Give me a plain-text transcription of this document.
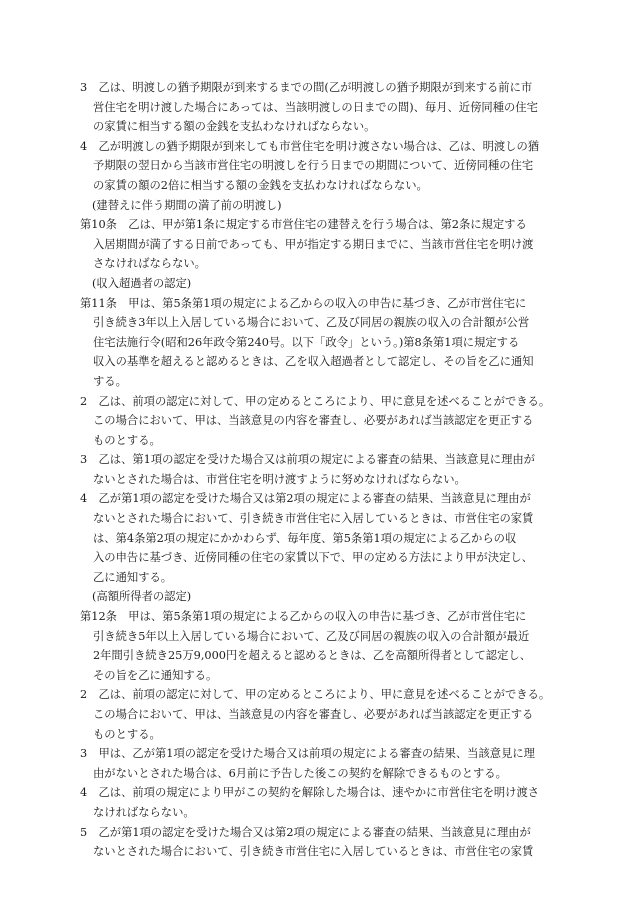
3　乙は、明渡しの猶予期限が到来するまでの間(乙が明渡しの猶予期限が到来する前に市
営住宅を明け渡した場合にあっては、当該明渡しの日までの間)、毎月、近傍同種の住宅
の家賃に相当する額の金銭を支払わなければならない。
4　乙が明渡しの猶予期限が到来しても市営住宅を明け渡さない場合は、乙は、明渡しの猶
予期限の翌日から当該市営住宅の明渡しを行う日までの期間について、近傍同種の住宅
の家賃の額の2倍に相当する額の金銭を支払わなければならない。
(建替えに伴う期間の満了前の明渡し)
第10条　乙は、甲が第1条に規定する市営住宅の建替えを行う場合は、第2条に規定する
入居期間が満了する日前であっても、甲が指定する期日までに、当該市営住宅を明け渡
さなければならない。
(収入超過者の認定)
第11条　甲は、第5条第1項の規定による乙からの収入の申告に基づき、乙が市営住宅に
引き続き3年以上入居している場合において、乙及び同居の親族の収入の合計額が公営
住宅法施行令(昭和26年政令第240号。以下「政令」という。)第8条第1項に規定する
収入の基準を超えると認めるときは、乙を収入超過者として認定し、その旨を乙に通知
する。
2　乙は、前項の認定に対して、甲の定めるところにより、甲に意見を述べることができる。
この場合において、甲は、当該意見の内容を審査し、必要があれば当該認定を更正する
ものとする。
3　乙は、第1項の認定を受けた場合又は前項の規定による審査の結果、当該意見に理由が
ないとされた場合は、市営住宅を明け渡すように努めなければならない。
4　乙が第1項の認定を受けた場合又は第2項の規定による審査の結果、当該意見に理由が
ないとされた場合において、引き続き市営住宅に入居しているときは、市営住宅の家賃
は、第4条第2項の規定にかかわらず、毎年度、第5条第1項の規定による乙からの収
入の申告に基づき、近傍同種の住宅の家賃以下で、甲の定める方法により甲が決定し、
乙に通知する。
(高額所得者の認定)
第12条　甲は、第5条第1項の規定による乙からの収入の申告に基づき、乙が市営住宅に
引き続き5年以上入居している場合において、乙及び同居の親族の収入の合計額が最近
2年間引き続き25万9,000円を超えると認めるときは、乙を高額所得者として認定し、
その旨を乙に通知する。
2　乙は、前項の認定に対して、甲の定めるところにより、甲に意見を述べることができる。
この場合において、甲は、当該意見の内容を審査し、必要があれば当該認定を更正する
ものとする。
3　甲は、乙が第1項の認定を受けた場合又は前項の規定による審査の結果、当該意見に理
由がないとされた場合は、6月前に予告した後この契約を解除できるものとする。
4　乙は、前項の規定により甲がこの契約を解除した場合は、速やかに市営住宅を明け渡さ
なければならない。
5　乙が第1項の認定を受けた場合又は第2項の規定による審査の結果、当該意見に理由が
ないとされた場合において、引き続き市営住宅に入居しているときは、市営住宅の家賃
